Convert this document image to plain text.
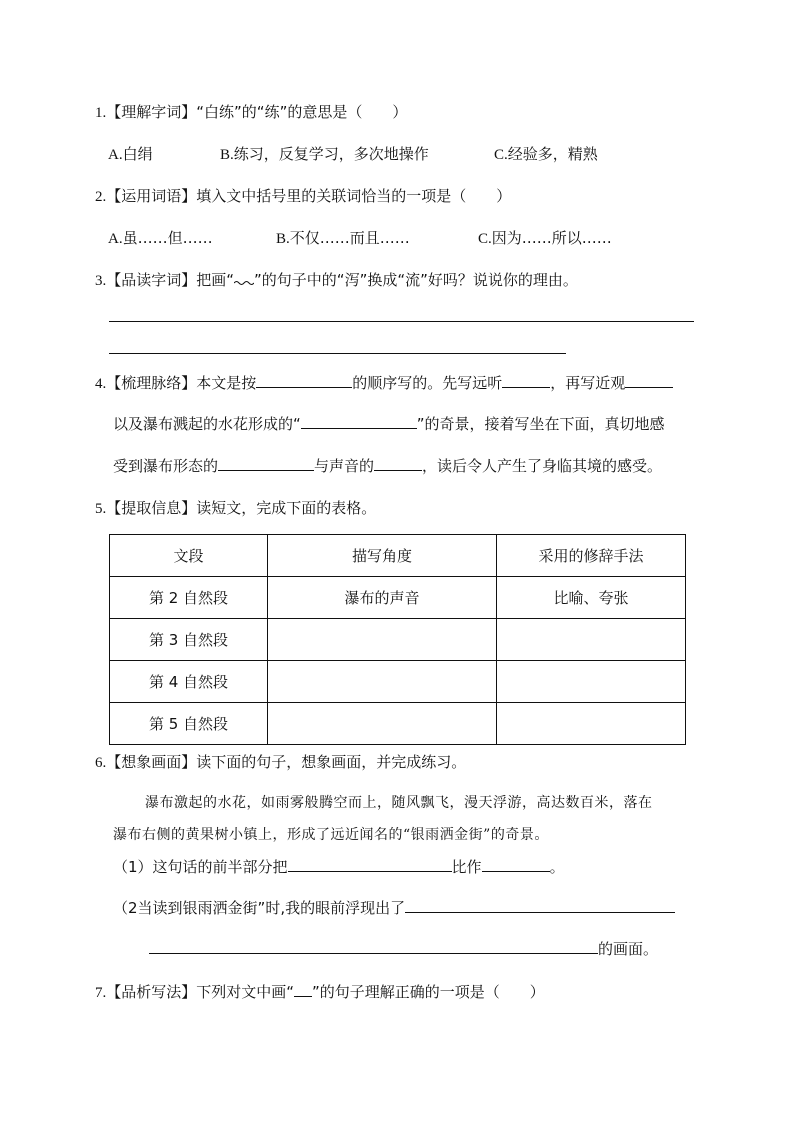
1.【理解字词】“白练”的“练”的意思是（　　）
A.白绢	B.练习，反复学习，多次地操作	C.经验多，精熟
2.【运用词语】填入文中括号里的关联词恰当的一项是（　　）
A.虽……但……	B.不仅……而且……	C.因为……所以……
3.【品读字词】把画“ ”的句子中的“泻”换成“流”好吗？说说你的理由。
4.【梳理脉络】本文是按	的顺序写的。先写远听	，再写近观
以及瀑布溅起的水花形成的“	”的奇景，接着写坐在下面，真切地感
受到瀑布形态的	与声音的	，读后令人产生了身临其境的感受。
5.【提取信息】读短文，完成下面的表格。
文段	描写角度	采用的修辞手法
第 2 自然段	瀑布的声音	比喻、夸张
第 3 自然段		
第 4 自然段		
第 5 自然段		
6.【想象画面】读下面的句子，想象画面，并完成练习。
瀑布激起的水花，如雨雾般腾空而上，随风飘飞，漫天浮游，高达数百米，落在
瀑布右侧的黄果树小镇上，形成了远近闻名的“银雨洒金街”的奇景。
（1）这句话的前半部分把	比作	。
（2当读到银雨洒金街”时,我的眼前浮现出了
的画面。
7.【品析写法】下列对文中画“ ”的句子理解正确的一项是（　　）
